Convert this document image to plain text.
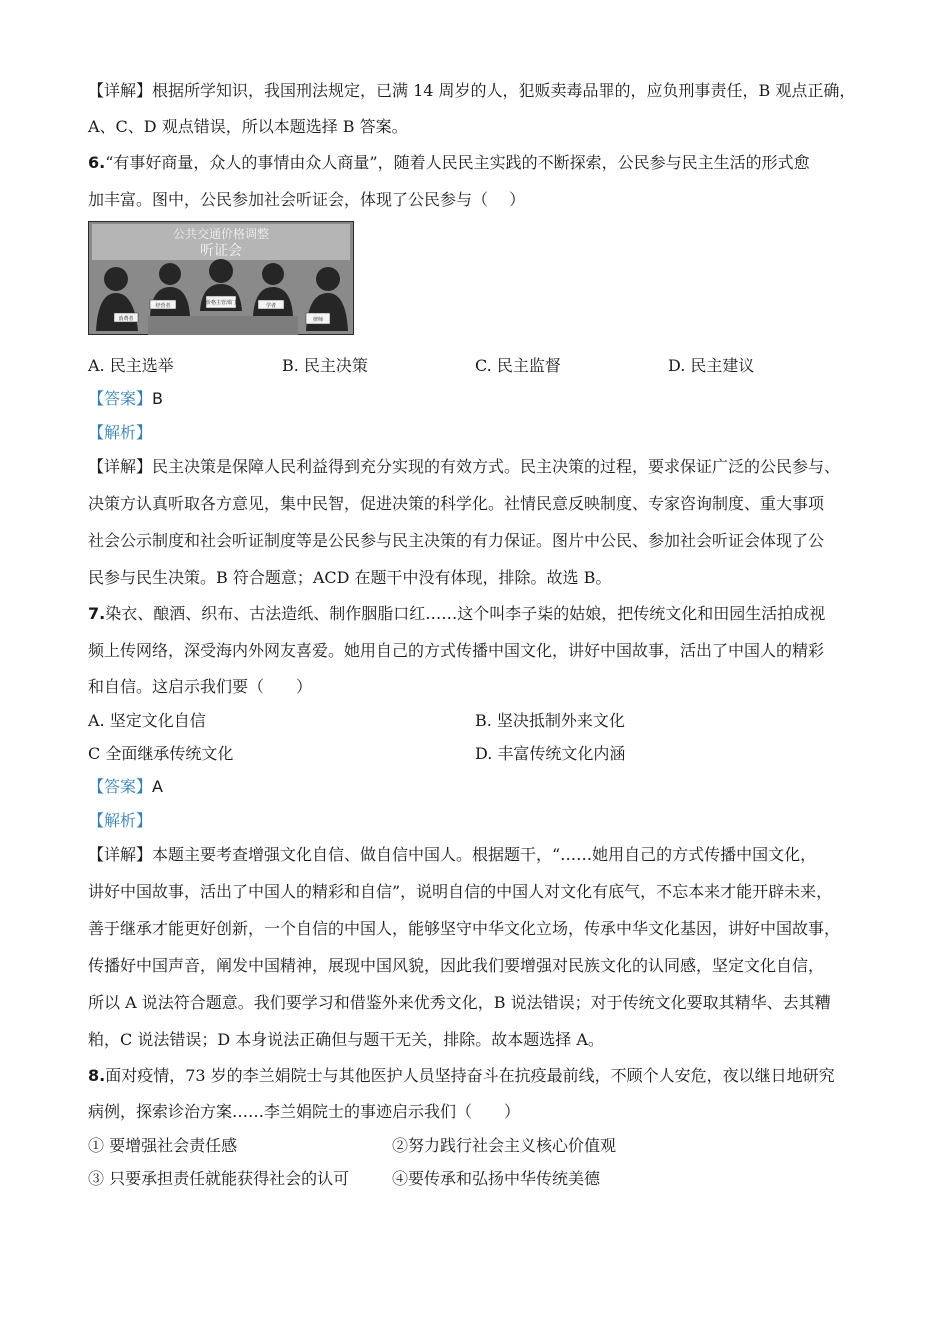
【详解】根据所学知识，我国刑法规定，已满 14 周岁的人，犯贩卖毒品罪的，应负刑事责任，B 观点正确，
A、C、D 观点错误，所以本题选择 B 答案。
6.“有事好商量，众人的事情由众人商量”，随着人民民主实践的不断探索，公民参与民主生活的形式愈
加丰富。图中，公民参加社会听证会，体现了公民参与（　 ）
公共交通价格调整
听证会
消费者
经营者	价格主管部门	学者
律师
A. 民主选举	B. 民主决策	C. 民主监督	D. 民主建议
【答案】B
【解析】
【详解】民主决策是保障人民利益得到充分实现的有效方式。民主决策的过程，要求保证广泛的公民参与、
决策方认真听取各方意见，集中民智，促进决策的科学化。社情民意反映制度、专家咨询制度、重大事项
社会公示制度和社会听证制度等是公民参与民主决策的有力保证。图片中公民、参加社会听证会体现了公
民参与民生决策。B 符合题意；ACD 在题干中没有体现，排除。故选 B。
7.染衣、酿酒、织布、古法造纸、制作胭脂口红……这个叫李子柒的姑娘，把传统文化和田园生活拍成视
频上传网络，深受海内外网友喜爱。她用自己的方式传播中国文化，讲好中国故事，活出了中国人的精彩
和自信。这启示我们要（　　）
A. 坚定文化自信	B. 坚决抵制外来文化
C 全面继承传统文化	D. 丰富传统文化内涵
【答案】A
【解析】
【详解】本题主要考查增强文化自信、做自信中国人。根据题干，“……她用自己的方式传播中国文化，
讲好中国故事，活出了中国人的精彩和自信”，说明自信的中国人对文化有底气，不忘本来才能开辟未来，
善于继承才能更好创新，一个自信的中国人，能够坚守中华文化立场，传承中华文化基因，讲好中国故事，
传播好中国声音，阐发中国精神，展现中国风貌，因此我们要增强对民族文化的认同感，坚定文化自信，
所以 A 说法符合题意。我们要学习和借鉴外来优秀文化，B 说法错误；对于传统文化要取其精华、去其糟
粕，C 说法错误；D 本身说法正确但与题干无关，排除。故本题选择 A。
8.面对疫情，73 岁的李兰娟院士与其他医护人员坚持奋斗在抗疫最前线，不顾个人安危，夜以继日地研究
病例，探索诊治方案……李兰娟院士的事迹启示我们（　　）
① 要增强社会责任感	②努力践行社会主义核心价值观
③ 只要承担责任就能获得社会的认可	④要传承和弘扬中华传统美德
